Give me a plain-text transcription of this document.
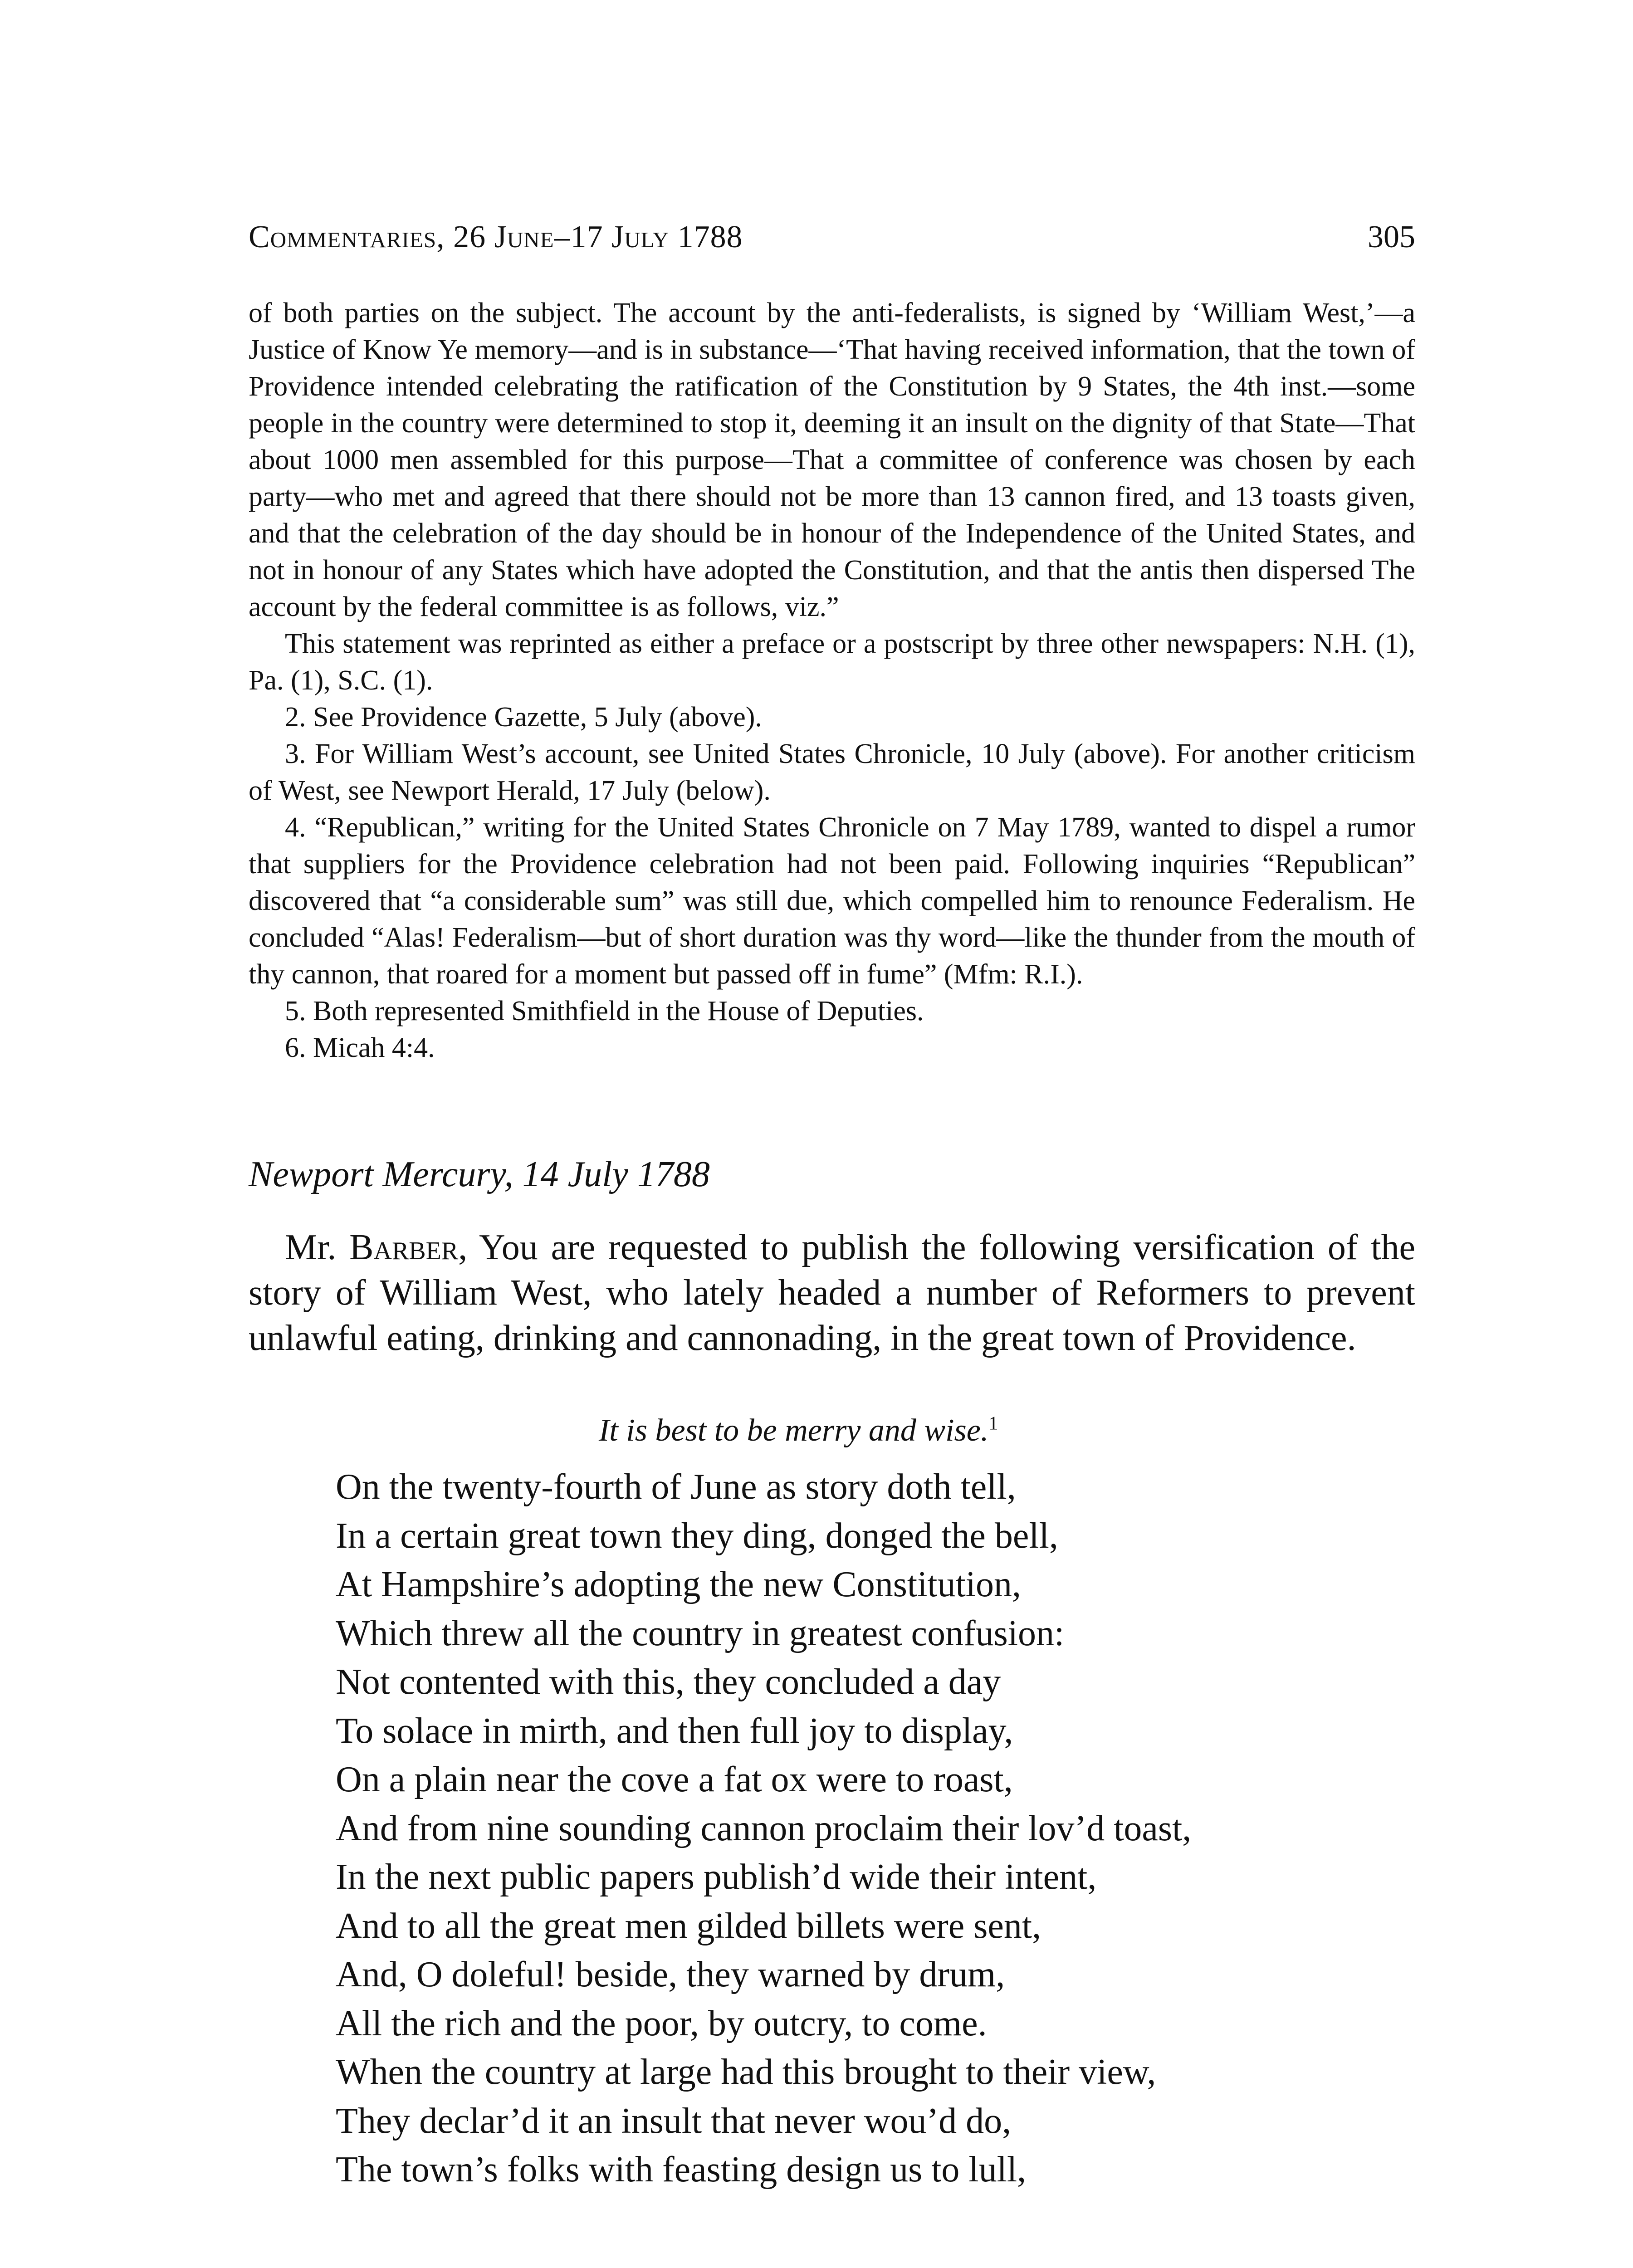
Commentaries, 26 June–17 July 1788	305

of both parties on the subject. The account by the anti-federalists, is signed by ‘William West,’—a Justice of Know Ye memory—and is in substance—‘That having received information, that the town of Providence intended celebrating the ratification of the Constitution by 9 States, the 4th inst.—some people in the country were determined to stop it, deeming it an insult on the dignity of that State—That about 1000 men assembled for this purpose—That a committee of conference was chosen by each party—who met and agreed that there should not be more than 13 cannon fired, and 13 toasts given, and that the celebration of the day should be in honour of the Independence of the United States, and not in honour of any States which have adopted the Constitution, and that the antis then dispersed The account by the federal committee is as follows, viz.”

This statement was reprinted as either a preface or a postscript by three other newspapers: N.H. (1), Pa. (1), S.C. (1).

2. See Providence Gazette, 5 July (above).

3. For William West’s account, see United States Chronicle, 10 July (above). For another criticism of West, see Newport Herald, 17 July (below).

4. “Republican,” writing for the United States Chronicle on 7 May 1789, wanted to dispel a rumor that suppliers for the Providence celebration had not been paid. Following inquiries “Republican” discovered that “a considerable sum” was still due, which compelled him to renounce Federalism. He concluded “Alas! Federalism—but of short duration was thy word—like the thunder from the mouth of thy cannon, that roared for a moment but passed off in fume” (Mfm: R.I.).

5. Both represented Smithfield in the House of Deputies.

6. Micah 4:4.

Newport Mercury, 14 July 1788

Mr. Barber, You are requested to publish the following versification of the story of William West, who lately headed a number of Reformers to prevent unlawful eating, drinking and cannonading, in the great town of Providence.

It is best to be merry and wise.$^1$
On the twenty-fourth of June as story doth tell,
In a certain great town they ding, donged the bell,
At Hampshire’s adopting the new Constitution,
Which threw all the country in greatest confusion:
Not contented with this, they concluded a day
To solace in mirth, and then full joy to display,
On a plain near the cove a fat ox were to roast,
And from nine sounding cannon proclaim their lov’d toast,
In the next public papers publish’d wide their intent,
And to all the great men gilded billets were sent,
And, O doleful! beside, they warned by drum,
All the rich and the poor, by outcry, to come.
When the country at large had this brought to their view,
They declar’d it an insult that never wou’d do,
The town’s folks with feasting design us to lull,
